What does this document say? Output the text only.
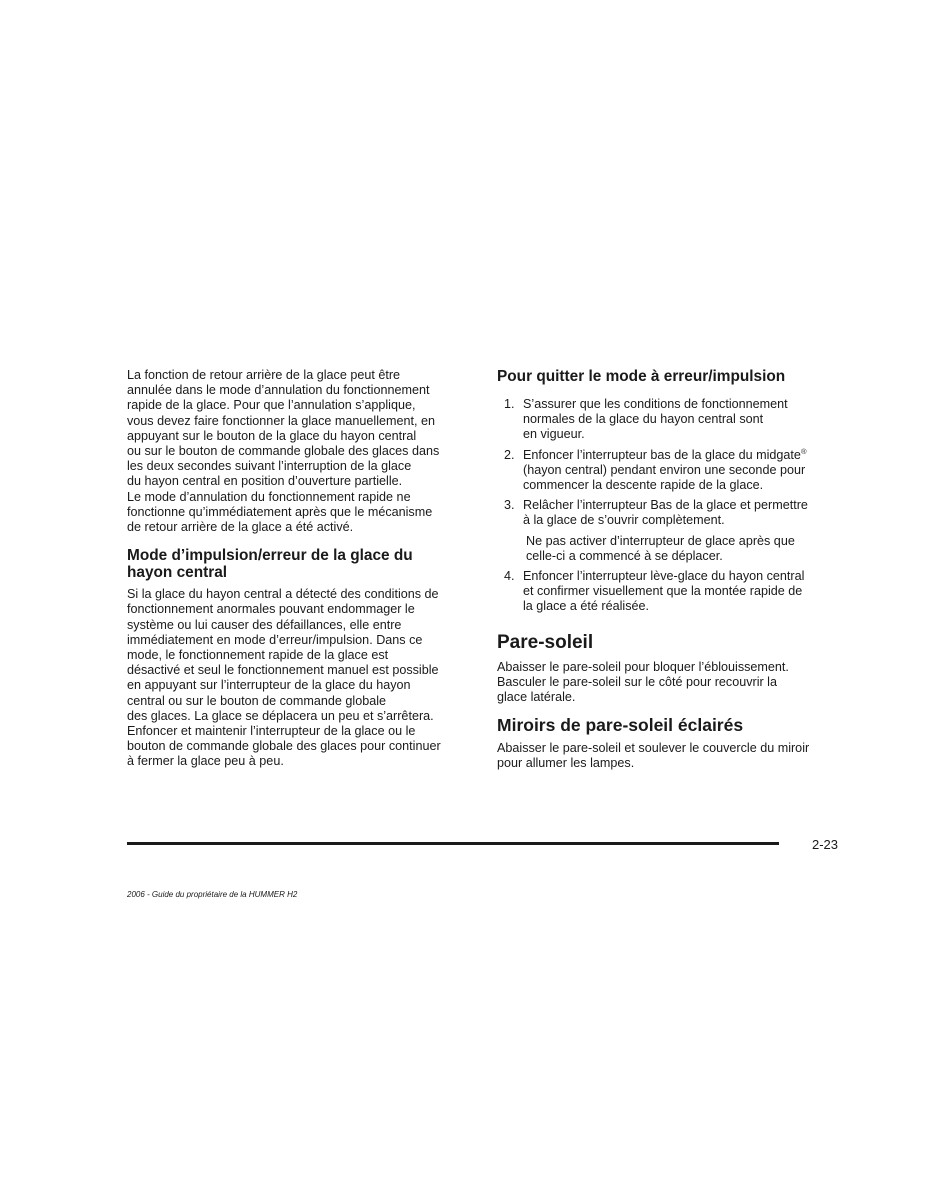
La fonction de retour arrière de la glace peut être
annulée dans le mode d’annulation du fonctionnement
rapide de la glace. Pour que l’annulation s’applique,
vous devez faire fonctionner la glace manuellement, en
appuyant sur le bouton de la glace du hayon central
ou sur le bouton de commande globale des glaces dans
les deux secondes suivant l’interruption de la glace
du hayon central en position d’ouverture partielle.
Le mode d’annulation du fonctionnement rapide ne
fonctionne qu’immédiatement après que le mécanisme
de retour arrière de la glace a été activé.

Mode d’impulsion/erreur de la glace du
hayon central

Si la glace du hayon central a détecté des conditions de
fonctionnement anormales pouvant endommager le
système ou lui causer des défaillances, elle entre
immédiatement en mode d’erreur/impulsion. Dans ce
mode, le fonctionnement rapide de la glace est
désactivé et seul le fonctionnement manuel est possible
en appuyant sur l’interrupteur de la glace du hayon
central ou sur le bouton de commande globale
des glaces. La glace se déplacera un peu et s’arrêtera.
Enfoncer et maintenir l’interrupteur de la glace ou le
bouton de commande globale des glaces pour continuer
à fermer la glace peu à peu.

Pour quitter le mode à erreur/impulsion
1. S’assurer que les conditions de fonctionnement
normales de la glace du hayon central sont
en vigueur.

2. Enfoncer l’interrupteur bas de la glace du midgate®
(hayon central) pendant environ une seconde pour
commencer la descente rapide de la glace.

3. Relâcher l’interrupteur Bas de la glace et permettre
à la glace de s’ouvrir complètement.

Ne pas activer d’interrupteur de glace après que
celle-ci a commencé à se déplacer.

4. Enfoncer l’interrupteur lève-glace du hayon central
et confirmer visuellement que la montée rapide de
la glace a été réalisée.

Pare-soleil

Abaisser le pare-soleil pour bloquer l’éblouissement.
Basculer le pare-soleil sur le côté pour recouvrir la
glace latérale.

Miroirs de pare-soleil éclairés

Abaisser le pare-soleil et soulever le couvercle du miroir
pour allumer les lampes.

2-23
2006 - Guide du propriétaire de la HUMMER H2
